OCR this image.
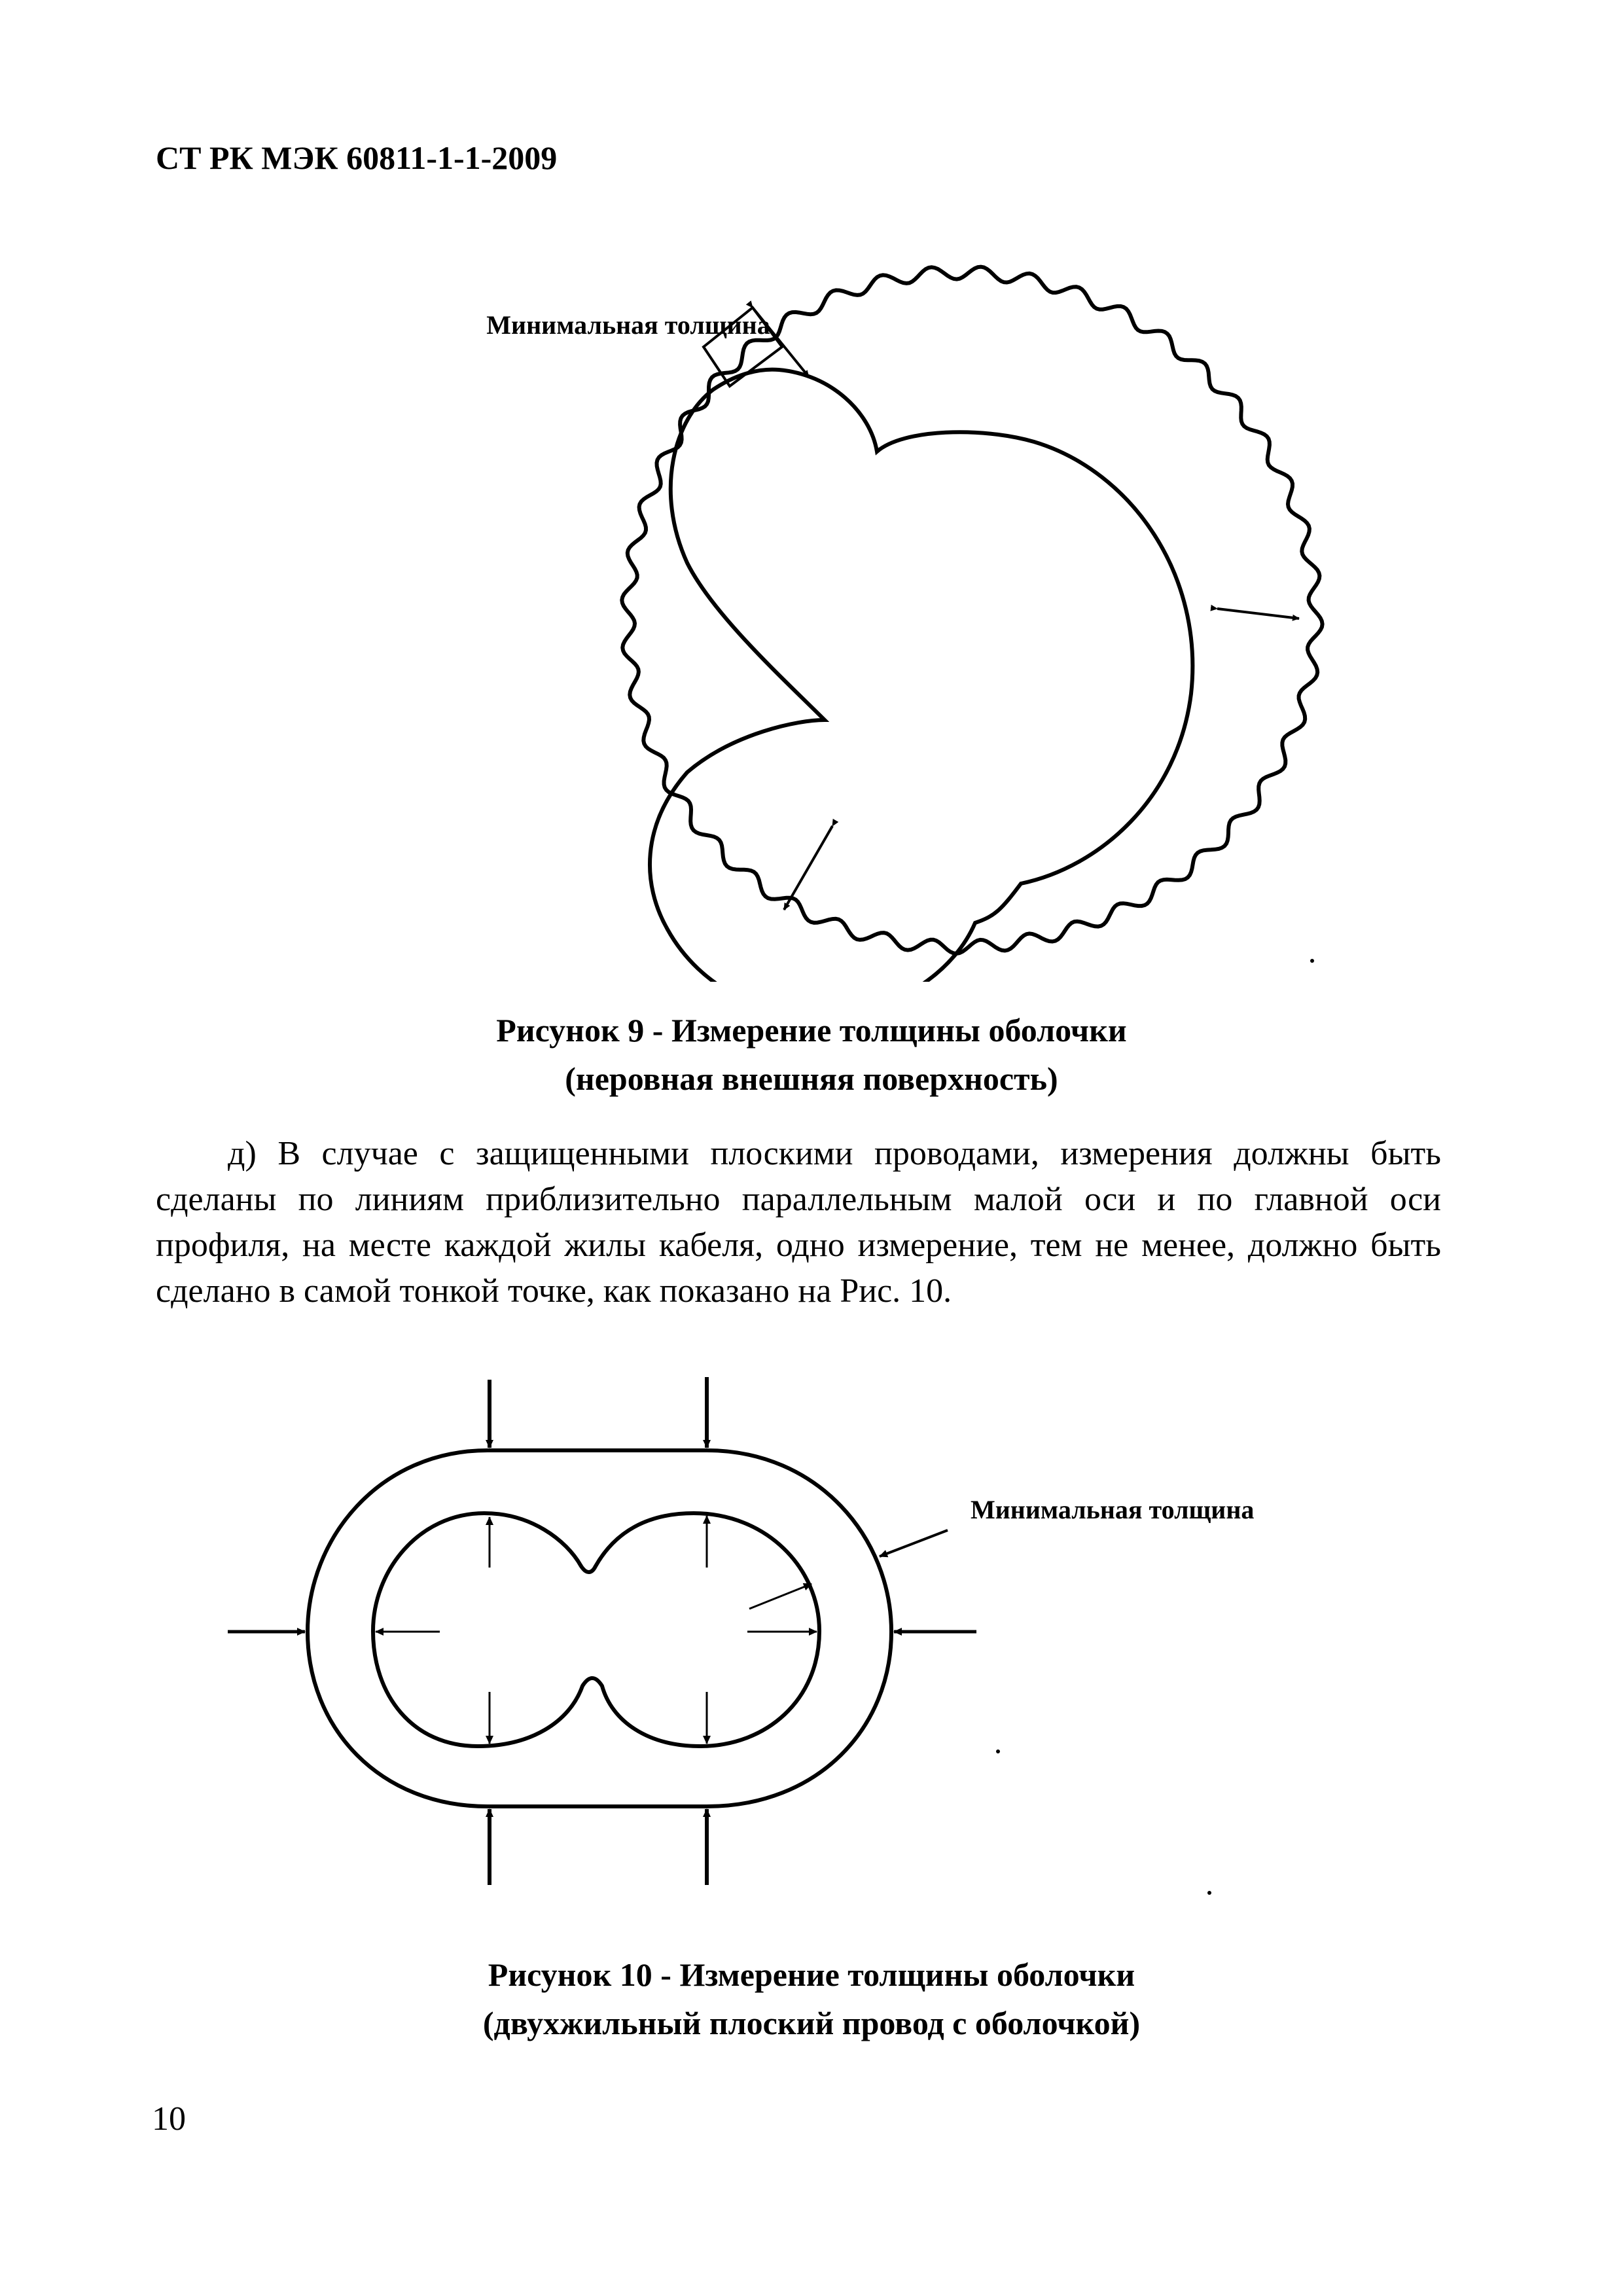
СТ РК МЭК 60811-1-1-2009
Минимальная толщина
Рисунок 9 - Измерение толщины оболочки
(неровная внешняя поверхность)
д) В случае с защищенными плоскими проводами, измерения должны быть сделаны по линиям приблизительно параллельным малой оси и по главной оси профиля, на месте каждой жилы кабеля, одно измерение, тем не менее, должно быть сделано в самой тонкой точке, как показано на Рис. 10.
Минимальная толщина
Рисунок 10 - Измерение толщины оболочки
(двухжильный плоский провод с оболочкой)
10
